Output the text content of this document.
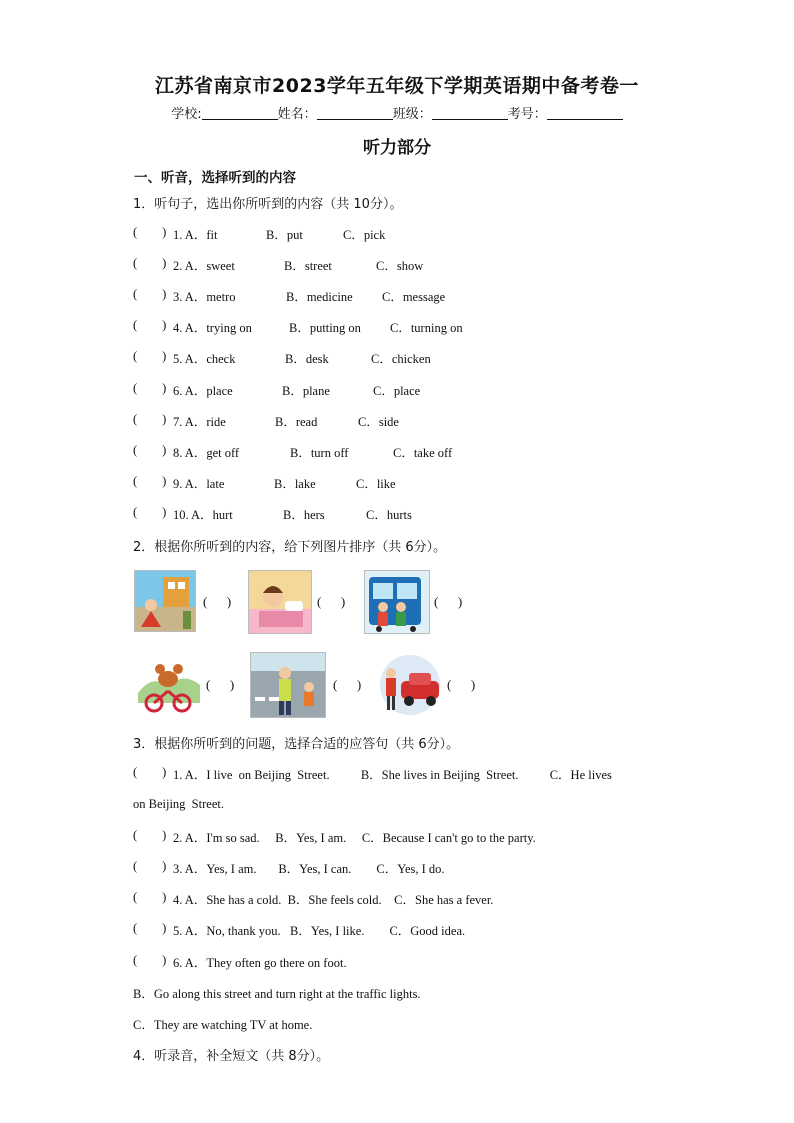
江苏省南京市2023学年五年级下学期英语期中备考卷一
学校:	姓名：	班级：	考号：
听力部分
一、听音，选择听到的内容
1．听句子，选出你所听到的内容（共 10分）。
(        ) 1. A．fit	B．put	C．pick
(        ) 2. A．sweet	B．street	C．show
(        ) 3. A．metro	B．medicine C．message
(        ) 4. A．trying on	B．putting on C．turning on
(        ) 5. A．check	B．desk	C．chicken
(        ) 6. A．place	B．plane	C．place
(        ) 7. A．ride	B．read	C．side
(        ) 8. A．get off	B．turn off	C．take off
(        ) 9. A．late	B．lake	C．like
(        ) 10. A．hurt	B．hers	C．hurts
2．根据你所听到的内容，给下列图片排序（共 6分）。
(      )	(      )	(      )
(      )	(      )	(      )
3．根据你所听到的问题，选择合适的应答句（共 6分）。
(        ) 1. A．I live  on Beijing  Street.          B．She lives in Beijing  Street.          C．He lives
on Beijing  Street.
(        ) 2. A．I'm so sad.     B．Yes, I am.     C．Because I can't go to the party.
(        ) 3. A．Yes, I am.       B．Yes, I can.        C．Yes, I do.
(        ) 4. A．She has a cold.  B．She feels cold.    C．She has a fever.
(        ) 5. A．No, thank you.   B．Yes, I like.        C．Good idea.
(        ) 6. A．They often go there on foot.
B．Go along this street and turn right at the traffic lights.
C．They are watching TV at home.
4．听录音，补全短文（共 8分）。
